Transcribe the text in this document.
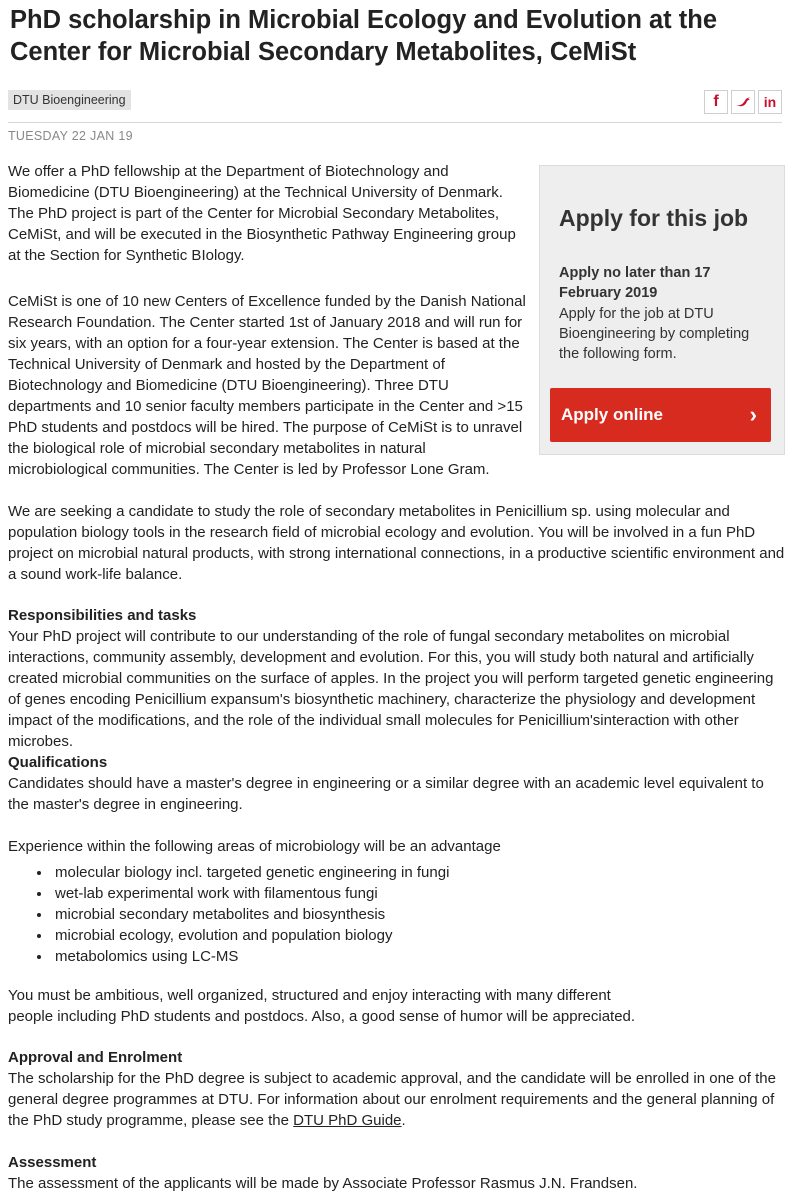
PhD scholarship in Microbial Ecology and Evolution at the Center for Microbial Secondary Metabolites, CeMiSt
DTU Bioengineering	f	in
TUESDAY 22 JAN 19
Apply for this job
Apply no later than 17 February 2019
Apply for the job at DTU Bioengineering by completing the following form.
Apply online	›
We offer a PhD fellowship at the Department of Biotechnology and Biomedicine (DTU Bioengineering) at the Technical University of Denmark. The PhD project is part of the Center for Microbial Secondary Metabolites, CeMiSt, and will be executed in the Biosynthetic Pathway Engineering group at the Section for Synthetic BIology.
CeMiSt is one of 10 new Centers of Excellence funded by the Danish National Research Foundation. The Center started 1st of January 2018 and will run for six years, with an option for a four-year extension. The Center is based at the Technical University of Denmark and hosted by the Department of Biotechnology and Biomedicine (DTU Bioengineering). Three DTU departments and 10 senior faculty members participate in the Center and >15 PhD students and postdocs will be hired. The purpose of CeMiSt is to unravel the biological role of microbial secondary metabolites in natural microbiological communities. The Center is led by Professor Lone Gram.
We are seeking a candidate to study the role of secondary metabolites in Penicillium sp. using molecular and population biology tools in the research field of microbial ecology and evolution. You will be involved in a fun PhD project on microbial natural products, with strong international connections, in a productive scientific environment and a sound work-life balance.
Responsibilities and tasks
Your PhD project will contribute to our understanding of the role of fungal secondary metabolites on microbial interactions, community assembly, development and evolution. For this, you will study both natural and artificially created microbial communities on the surface of apples. In the project you will perform targeted genetic engineering of genes encoding Penicillium expansum's biosynthetic machinery, characterize the physiology and development impact of the modifications, and the role of the individual small molecules for Penicillium'sinteraction with other microbes.
Qualifications
Candidates should have a master's degree in engineering or a similar degree with an academic level equivalent to the master's degree in engineering.
Experience within the following areas of microbiology will be an advantage
• molecular biology incl. targeted genetic engineering in fungi
• wet-lab experimental work with filamentous fungi
• microbial secondary metabolites and biosynthesis
• microbial ecology, evolution and population biology
• metabolomics using LC-MS
You must be ambitious, well organized, structured and enjoy interacting with many different people including PhD students and postdocs. Also, a good sense of humor will be appreciated.
Approval and Enrolment
The scholarship for the PhD degree is subject to academic approval, and the candidate will be enrolled in one of the general degree programmes at DTU. For information about our enrolment requirements and the general planning of the PhD study programme, please see the DTU PhD Guide.
Assessment
The assessment of the applicants will be made by Associate Professor Rasmus J.N. Frandsen.
